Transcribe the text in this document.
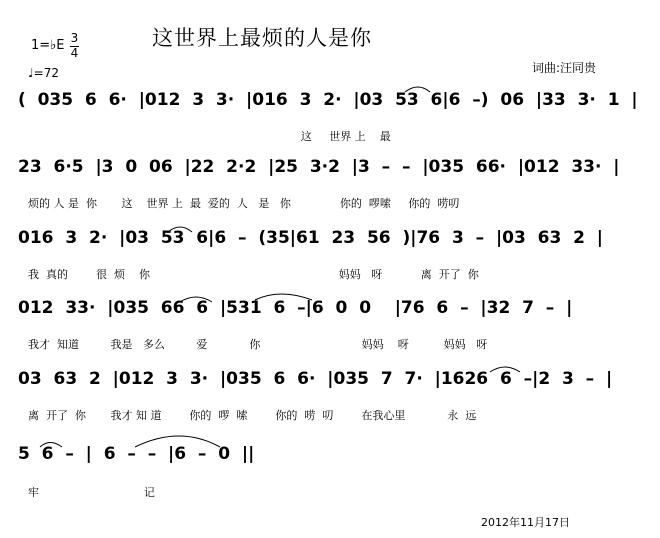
这世界上最烦的人是你
1=♭E 3
4
♩=72	词曲:汪同贵
(  035  6  6·  |012  3  3·  |016  3  2·  |03  53  6|6  –)  06  |33  3·  1  |
这     世界 上    最
23  6·5  |3  0  06  |22  2·2  |25  3·2  |3  –  –  |035  66·  |012  33·  |
烦的 人 是  你       这    世界 上  最  爱的  人   是   你              你的  啰嗦     你的  唠叨
016  3  2·  |03  53  6|6  –  (35|61  23  56  )|76  3  –  |03  63  2  |
我  真的        很  烦    你                                                      妈妈   呀           离  开了  你
012  33·  |035  66  6  |531  6  –|6  0  0    |76  6  –  |32  7  –  |
我才  知道         我是   多么         爱            你                             妈妈    呀          妈妈   呀
03  63  2  |012  3  3·  |035  6  6·  |035  7  7·  |1626  6  –|2  3  –  |
离  开了  你       我才 知 道        你的  啰  嗦        你的  唠  叨        在我心里            永  远
5  6  –  |  6  –  –  |6  –  0  ||
牢                              记
2012年11月17日
